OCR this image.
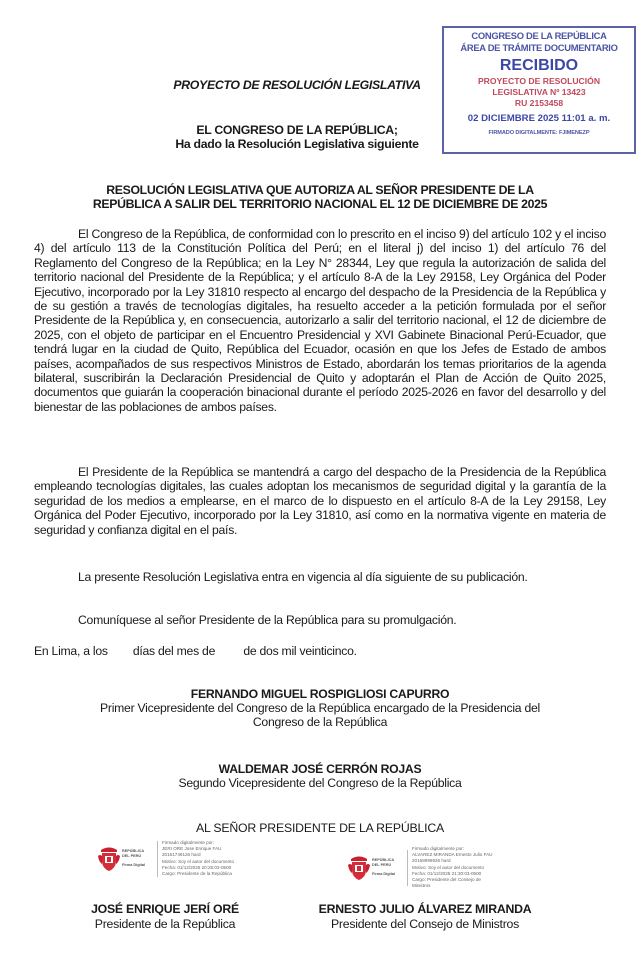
CONGRESO DE LA REPÚBLICA
ÁREA DE TRÁMITE DOCUMENTARIO
RECIBIDO
PROYECTO DE RESOLUCIÓN
LEGISLATIVA Nº 13423
RU 2153458
02 DICIEMBRE 2025 11:01 a. m.
FIRMADO DIGITALMENTE: FJIMENEZP
PROYECTO DE RESOLUCIÓN LEGISLATIVA
EL CONGRESO DE LA REPÚBLICA;
Ha dado la Resolución Legislativa siguiente
RESOLUCIÓN LEGISLATIVA QUE AUTORIZA AL SEÑOR PRESIDENTE DE LA
REPÚBLICA A SALIR DEL TERRITORIO NACIONAL EL 12 DE DICIEMBRE DE 2025
El Congreso de la República, de conformidad con lo prescrito en el inciso 9) del artículo 102 y el inciso 4) del artículo 113 de la Constitución Política del Perú; en el literal j) del inciso 1) del artículo 76 del Reglamento del Congreso de la República; en la Ley N° 28344, Ley que regula la autorización de salida del territorio nacional del Presidente de la República; y el artículo 8-A de la Ley 29158, Ley Orgánica del Poder Ejecutivo, incorporado por la Ley 31810 respecto al encargo del despacho de la Presidencia de la República y de su gestión a través de tecnologías digitales, ha resuelto acceder a la petición formulada por el señor Presidente de la República y, en consecuencia, autorizarlo a salir del territorio nacional, el 12 de diciembre de 2025, con el objeto de participar en el Encuentro Presidencial y XVI Gabinete Binacional Perú-Ecuador, que tendrá lugar en la ciudad de Quito, República del Ecuador, ocasión en que los Jefes de Estado de ambos países, acompañados de sus respectivos Ministros de Estado, abordarán los temas prioritarios de la agenda bilateral, suscribirán la Declaración Presidencial de Quito y adoptarán el Plan de Acción de Quito 2025, documentos que guiarán la cooperación binacional durante el período 2025-2026 en favor del desarrollo y del bienestar de las poblaciones de ambos países.
El Presidente de la República se mantendrá a cargo del despacho de la Presidencia de la República empleando tecnologías digitales, las cuales adoptan los mecanismos de seguridad digital y la garantía de la seguridad de los medios a emplearse, en el marco de lo dispuesto en el artículo 8-A de la Ley 29158, Ley Orgánica del Poder Ejecutivo, incorporado por la Ley 31810, así como en la normativa vigente en materia de seguridad y confianza digital en el país.
La presente Resolución Legislativa entra en vigencia al día siguiente de su publicación.
Comuníquese al señor Presidente de la República para su promulgación.
En Lima, a los        días del mes de         de dos mil veinticinco.
FERNANDO MIGUEL ROSPIGLIOSI CAPURRO
Primer Vicepresidente del Congreso de la República encargado de la Presidencia del
Congreso de la República
WALDEMAR JOSÉ CERRÓN ROJAS
Segundo Vicepresidente del Congreso de la República
AL SEÑOR PRESIDENTE DE LA REPÚBLICA
REPÚBLICA
DEL PERÚ
Firma Digital
Firmado digitalmente por:
JERI ORE Jose Enrique FAU
20161749126 hard
Motivo: Soy el autor del documento
Fecha: 01/12/2025 20:25:03-0500
Cargo: Presidente de la República
REPÚBLICA
DEL PERÚ
Firma Digital
Firmado digitalmente por:
ALVAREZ MIRANDA Ernesto Julio FAU
20168999926 hard
Motivo: Soy el autor del documento
Fecha: 01/12/2025 21:30:03-0500
Cargo: Presidente del Consejo de
Ministros
JOSÉ ENRIQUE JERÍ ORÉ
Presidente de la República
ERNESTO JULIO ÁLVAREZ MIRANDA
Presidente del Consejo de Ministros
